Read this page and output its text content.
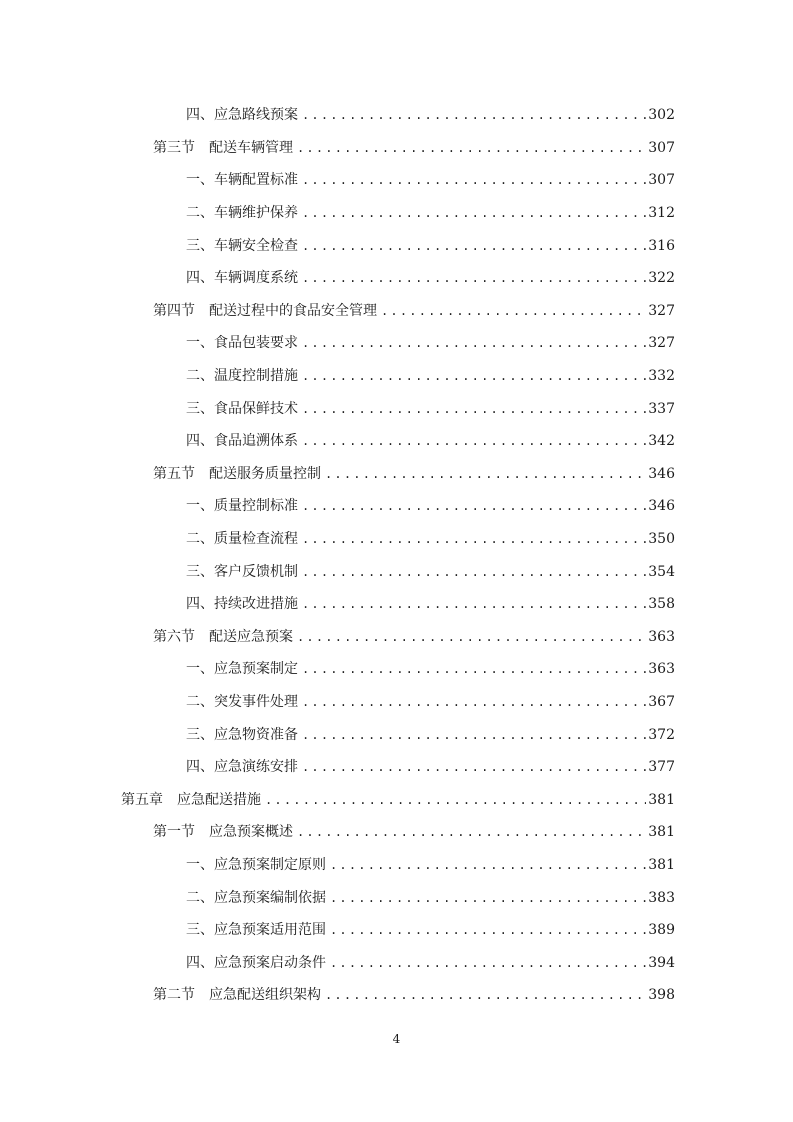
四、应急路线预案 .....	302
第三节　配送车辆管理 .....	307
一、车辆配置标准 .....	307
二、车辆维护保养 .....	312
三、车辆安全检查 .....	316
四、车辆调度系统 .....	322
第四节　配送过程中的食品安全管理 .....	327
一、食品包装要求 .....	327
二、温度控制措施 .....	332
三、食品保鲜技术 .....	337
四、食品追溯体系 .....	342
第五节　配送服务质量控制 .....	346
一、质量控制标准 .....	346
二、质量检查流程 .....	350
三、客户反馈机制 .....	354
四、持续改进措施 .....	358
第六节　配送应急预案 .....	363
一、应急预案制定 .....	363
二、突发事件处理 .....	367
三、应急物资准备 .....	372
四、应急演练安排 .....	377
第五章　应急配送措施 .....	381
第一节　应急预案概述 .....	381
一、应急预案制定原则 .....	381
二、应急预案编制依据 .....	383
三、应急预案适用范围 .....	389
四、应急预案启动条件 .....	394
第二节　应急配送组织架构 .....	398
4
